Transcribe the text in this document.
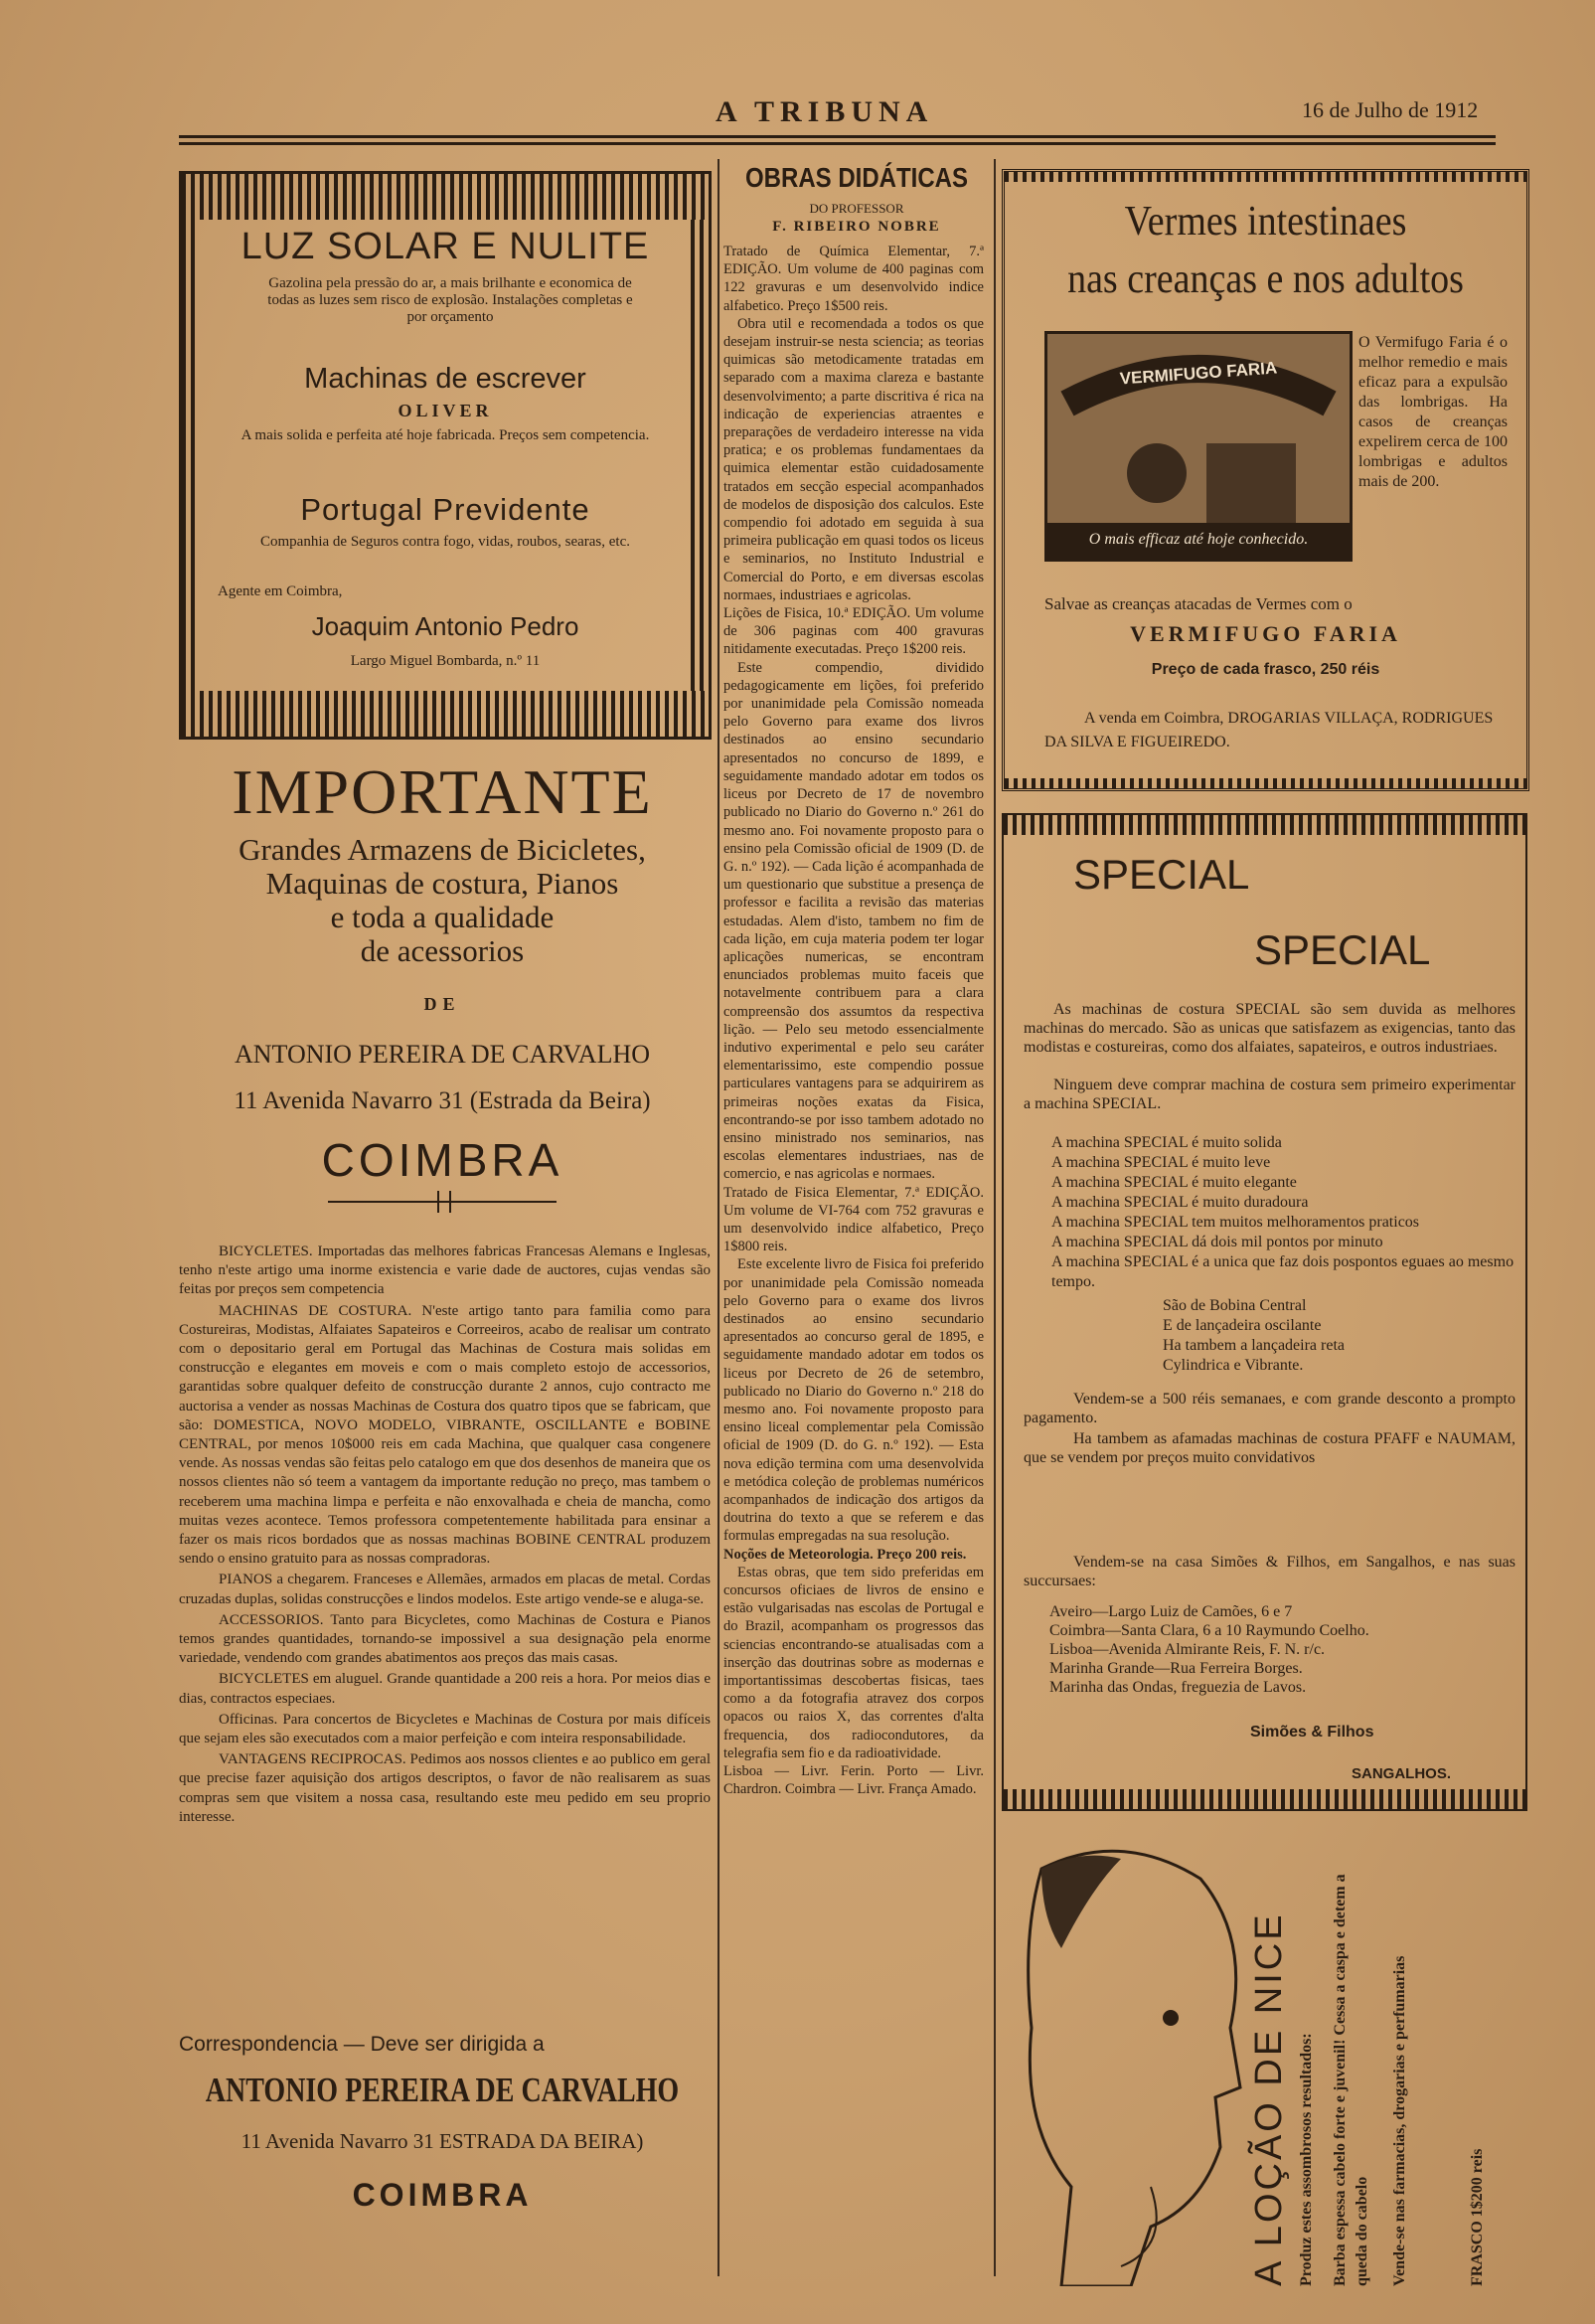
A TRIBUNA	16 de Julho de 1912
LUZ SOLAR E NULITE
Gazolina pela pressão do ar, a mais brilhante e economica de todas as luzes sem risco de explosão. Instalações completas e por orçamento
Machinas de escrever
OLIVER
A mais solida e perfeita até hoje fabricada. Preços sem competencia.
Portugal Previdente
Companhia de Seguros contra fogo, vidas, roubos, searas, etc.
Agente em Coimbra,
Joaquim Antonio Pedro
Largo Miguel Bombarda, n.º 11
IMPORTANTE
Grandes Armazens de Bicicletes,
Maquinas de costura, Pianos
e toda a qualidade
de acessorios
DE
ANTONIO PEREIRA DE CARVALHO
11 Avenida Navarro 31 (Estrada da Beira)
COIMBRA

BICYCLETES. Importadas das melhores fabricas Francesas Alemans e Inglesas, tenho n'este artigo uma inorme existencia e varie dade de auctores, cujas vendas são feitas por preços sem competencia

MACHINAS DE COSTURA. N'este artigo tanto para familia como para Costureiras, Modistas, Alfaiates Sapateiros e Correeiros, acabo de realisar um contrato com o depositario geral em Portugal das Machinas de Costura mais solidas em construcção e elegantes em moveis e com o mais completo estojo de accessorios, garantidas sobre qualquer defeito de construcção durante 2 annos, cujo contracto me auctorisa a vender as nossas Machinas de Costura dos quatro tipos que se fabricam, que são: DOMESTICA, NOVO MODELO, VIBRANTE, OSCILLANTE e BOBINE CENTRAL, por menos 10$000 reis em cada Machina, que qualquer casa congenere vende. As nossas vendas são feitas pelo catalogo em que dos desenhos de maneira que os nossos clientes não só teem a vantagem da importante redução no preço, mas tambem o receberem uma machina limpa e perfeita e não enxovalhada e cheia de mancha, como muitas vezes acontece. Temos professora competentemente habilitada para ensinar a fazer os mais ricos bordados que as nossas machinas BOBINE CENTRAL produzem sendo o ensino gratuito para as nossas compradoras.

PIANOS a chegarem. Franceses e Allemães, armados em placas de metal. Cordas cruzadas duplas, solidas construcções e lindos modelos. Este artigo vende-se e aluga-se.

ACCESSORIOS. Tanto para Bicycletes, como Machinas de Costura e Pianos temos grandes quantidades, tornando-se impossivel a sua designação pela enorme variedade, vendendo com grandes abatimentos aos preços das mais casas.

BICYCLETES em aluguel. Grande quantidade a 200 reis a hora. Por meios dias e dias, contractos especiaes.

Officinas. Para concertos de Bicycletes e Machinas de Costura por mais difíceis que sejam eles são executados com a maior perfeição e com inteira responsabilidade.

VANTAGENS RECIPROCAS. Pedimos aos nossos clientes e ao publico em geral que precise fazer aquisição dos artigos descriptos, o favor de não realisarem as suas compras sem que visitem a nossa casa, resultando este meu pedido em seu proprio interesse.

Correspondencia — Deve ser dirigida a
ANTONIO PEREIRA DE CARVALHO
11 Avenida Navarro 31 ESTRADA DA BEIRA)
COIMBRA
OBRAS DIDÁTICAS
DO PROFESSOR
F. RIBEIRO NOBRE

Tratado de Química Elementar, 7.ª EDIÇÃO. Um volume de 400 paginas com 122 gravuras e um desenvolvido indice alfabetico. Preço 1$500 reis.

Obra util e recomendada a todos os que desejam instruir-se nesta sciencia; as teorias quimicas são metodicamente tratadas em separado com a maxima clareza e bastante desenvolvimento; a parte discritiva é rica na indicação de experiencias atraentes e preparações de verdadeiro interesse na vida pratica; e os problemas fundamentaes da quimica elementar estão cuidadosamente tratados em secção especial acompanhados de modelos de disposição dos calculos. Este compendio foi adotado em seguida à sua primeira publicação em quasi todos os liceus e seminarios, no Instituto Industrial e Comercial do Porto, e em diversas escolas normaes, industriaes e agricolas.

Lições de Fisica, 10.ª EDIÇÃO. Um volume de 306 paginas com 400 gravuras nitidamente executadas. Preço 1$200 reis.

Este compendio, dividido pedagogicamente em lições, foi preferido por unanimidade pela Comissão nomeada pelo Governo para exame dos livros destinados ao ensino secundario apresentados no concurso de 1899, e seguidamente mandado adotar em todos os liceus por Decreto de 17 de novembro publicado no Diario do Governo n.º 261 do mesmo ano. Foi novamente proposto para o ensino pela Comissão oficial de 1909 (D. de G. n.º 192). — Cada lição é acompanhada de um questionario que substitue a presença de professor e facilita a revisão das materias estudadas. Alem d'isto, tambem no fim de cada lição, em cuja materia podem ter logar aplicações numericas, se encontram enunciados problemas muito faceis que notavelmente contribuem para a clara compreensão dos assumtos da respectiva lição. — Pelo seu metodo essencialmente indutivo experimental e pelo seu caráter elementarissimo, este compendio possue particulares vantagens para se adquirirem as primeiras noções exatas da Fisica, encontrando-se por isso tambem adotado no ensino ministrado nos seminarios, nas escolas elementares industriaes, nas de comercio, e nas agricolas e normaes.

Tratado de Fisica Elementar, 7.ª EDIÇÃO. Um volume de VI-764 com 752 gravuras e um desenvolvido indice alfabetico, Preço 1$800 reis.

Este excelente livro de Fisica foi preferido por unanimidade pela Comissão nomeada pelo Governo para o exame dos livros destinados ao ensino secundario apresentados ao concurso geral de 1895, e seguidamente mandado adotar em todos os liceus por Decreto de 26 de setembro, publicado no Diario do Governo n.º 218 do mesmo ano. Foi novamente proposto para ensino liceal complementar pela Comissão oficial de 1909 (D. do G. n.º 192). — Esta nova edição termina com uma desenvolvida e metódica coleção de problemas numéricos acompanhados de indicação dos artigos da doutrina do texto a que se referem e das formulas empregadas na sua resolução.

Noções de Meteorologia. Preço 200 reis.

Estas obras, que tem sido preferidas em concursos oficiaes de livros de ensino e estão vulgarisadas nas escolas de Portugal e do Brazil, acompanham os progressos das sciencias encontrando-se atualisadas com a inserção das doutrinas sobre as modernas e importantissimas descobertas fisicas, taes como a da fotografia atravez dos corpos opacos ou raios X, das correntes d'alta frequencia, dos radiocondutores, da telegrafia sem fio e da radioatividade.

Lisboa — Livr. Ferin. Porto — Livr. Chardron. Coimbra — Livr. França Amado.

Vermes intestinaes
nas creanças e nos adultos
VERMIFUGO FARIA
O mais efficaz até hoje conhecido.
O Vermifugo Faria é o melhor remedio e mais eficaz para a expulsão das lombrigas. Ha casos de creanças expelirem cerca de 100 lombrigas e adultos mais de 200.
Salvae as creanças atacadas de Vermes com o
VERMIFUGO FARIA
Preço de cada frasco, 250 réis
A venda em Coimbra, DROGARIAS VILLAÇA, RODRIGUES DA SILVA E FIGUEIREDO.
SPECIAL
SPECIAL
As machinas de costura SPECIAL são sem duvida as melhores machinas do mercado. São as unicas que satisfazem as exigencias, tanto das modistas e costureiras, como dos alfaiates, sapateiros, e outros industriaes.
Ninguem deve comprar machina de costura sem primeiro experimentar a machina SPECIAL.

A machina SPECIAL é muito solida

A machina SPECIAL é muito leve

A machina SPECIAL é muito elegante

A machina SPECIAL é muito duradoura

A machina SPECIAL tem muitos melhoramentos praticos

A machina SPECIAL dá dois mil pontos por minuto

A machina SPECIAL é a unica que faz dois pospontos eguaes ao mesmo tempo.

São de Bobina Central

E de lançadeira oscilante

Ha tambem a lançadeira reta

Cylindrica e Vibrante.

Vendem-se a 500 réis semanaes, e com grande desconto a prompto pagamento.
Ha tambem as afamadas machinas de costura PFAFF e NAUMAM, que se vendem por preços muito convidativos
Vendem-se na casa Simões & Filhos, em Sangalhos, e nas suas succursaes:

Aveiro—Largo Luiz de Camões, 6 e 7

Coimbra—Santa Clara, 6 a 10 Raymundo Coelho.

Lisboa—Avenida Almirante Reis, F. N. r/c.

Marinha Grande—Rua Ferreira Borges.

Marinha das Ondas, freguezia de Lavos.

Simões & Filhos
SANGALHOS.
A LOÇÃO DE NICE Produz estes assombrosos resultados: Barba espessa cabelo forte e juvenil! Cessa a caspa e detem a queda do cabelo Vende-se nas farmacias, drogarias e perfumarias	FRASCO 1$200 reis
